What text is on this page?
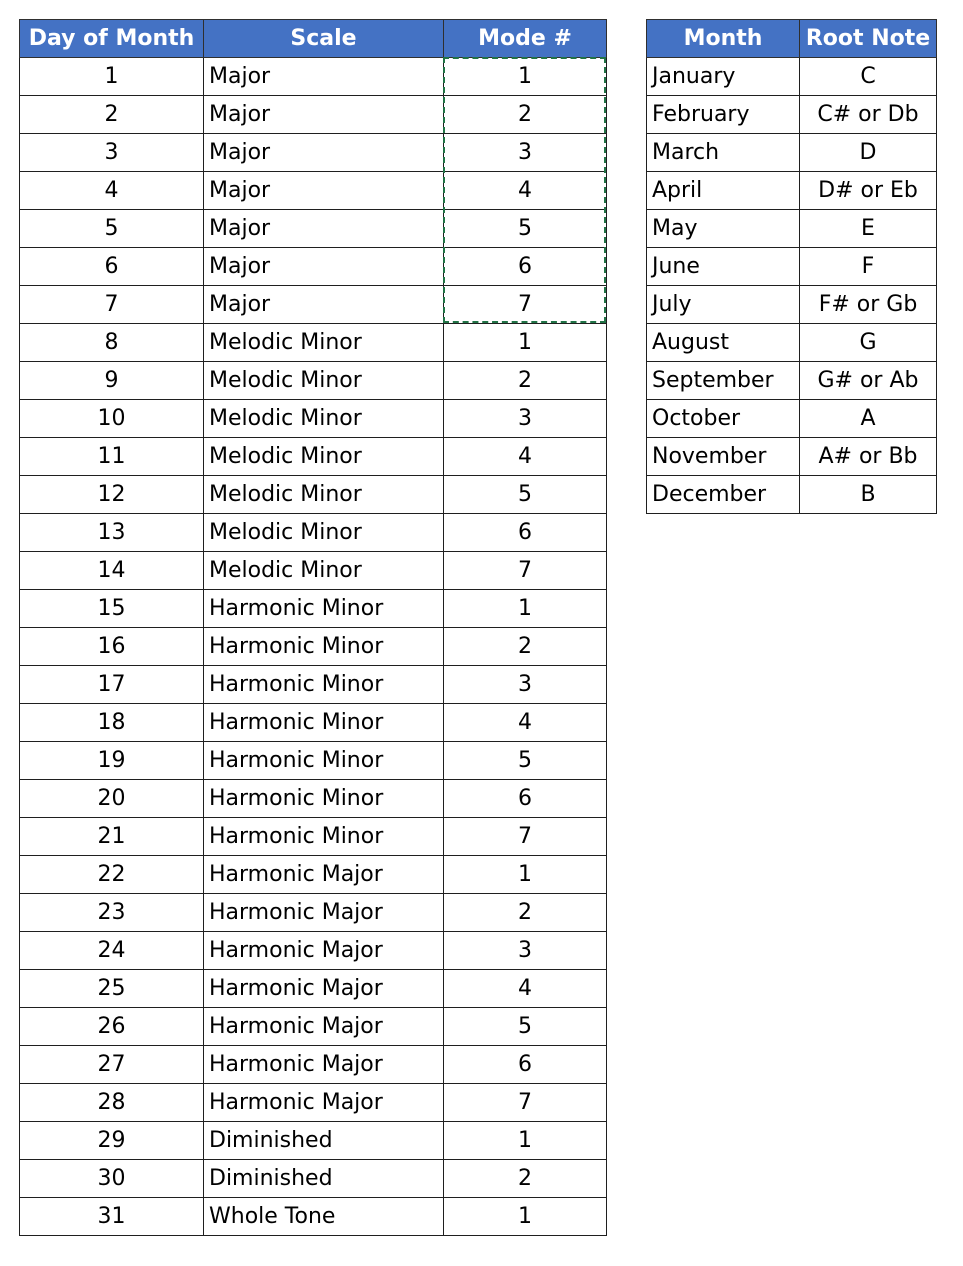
Day of Month	Scale	Mode #
1	Major	1
2	Major	2
3	Major	3
4	Major	4
5	Major	5
6	Major	6
7	Major	7
8	Melodic Minor	1
9	Melodic Minor	2
10	Melodic Minor	3
11	Melodic Minor	4
12	Melodic Minor	5
13	Melodic Minor	6
14	Melodic Minor	7
15	Harmonic Minor	1
16	Harmonic Minor	2
17	Harmonic Minor	3
18	Harmonic Minor	4
19	Harmonic Minor	5
20	Harmonic Minor	6
21	Harmonic Minor	7
22	Harmonic Major	1
23	Harmonic Major	2
24	Harmonic Major	3
25	Harmonic Major	4
26	Harmonic Major	5
27	Harmonic Major	6
28	Harmonic Major	7
29	Diminished	1
30	Diminished	2
31	Whole Tone	1
Month	Root Note
January	C
February	C# or Db
March	D
April	D# or Eb
May	E
June	F
July	F# or Gb
August	G
September	G# or Ab
October	A
November	A# or Bb
December	B
